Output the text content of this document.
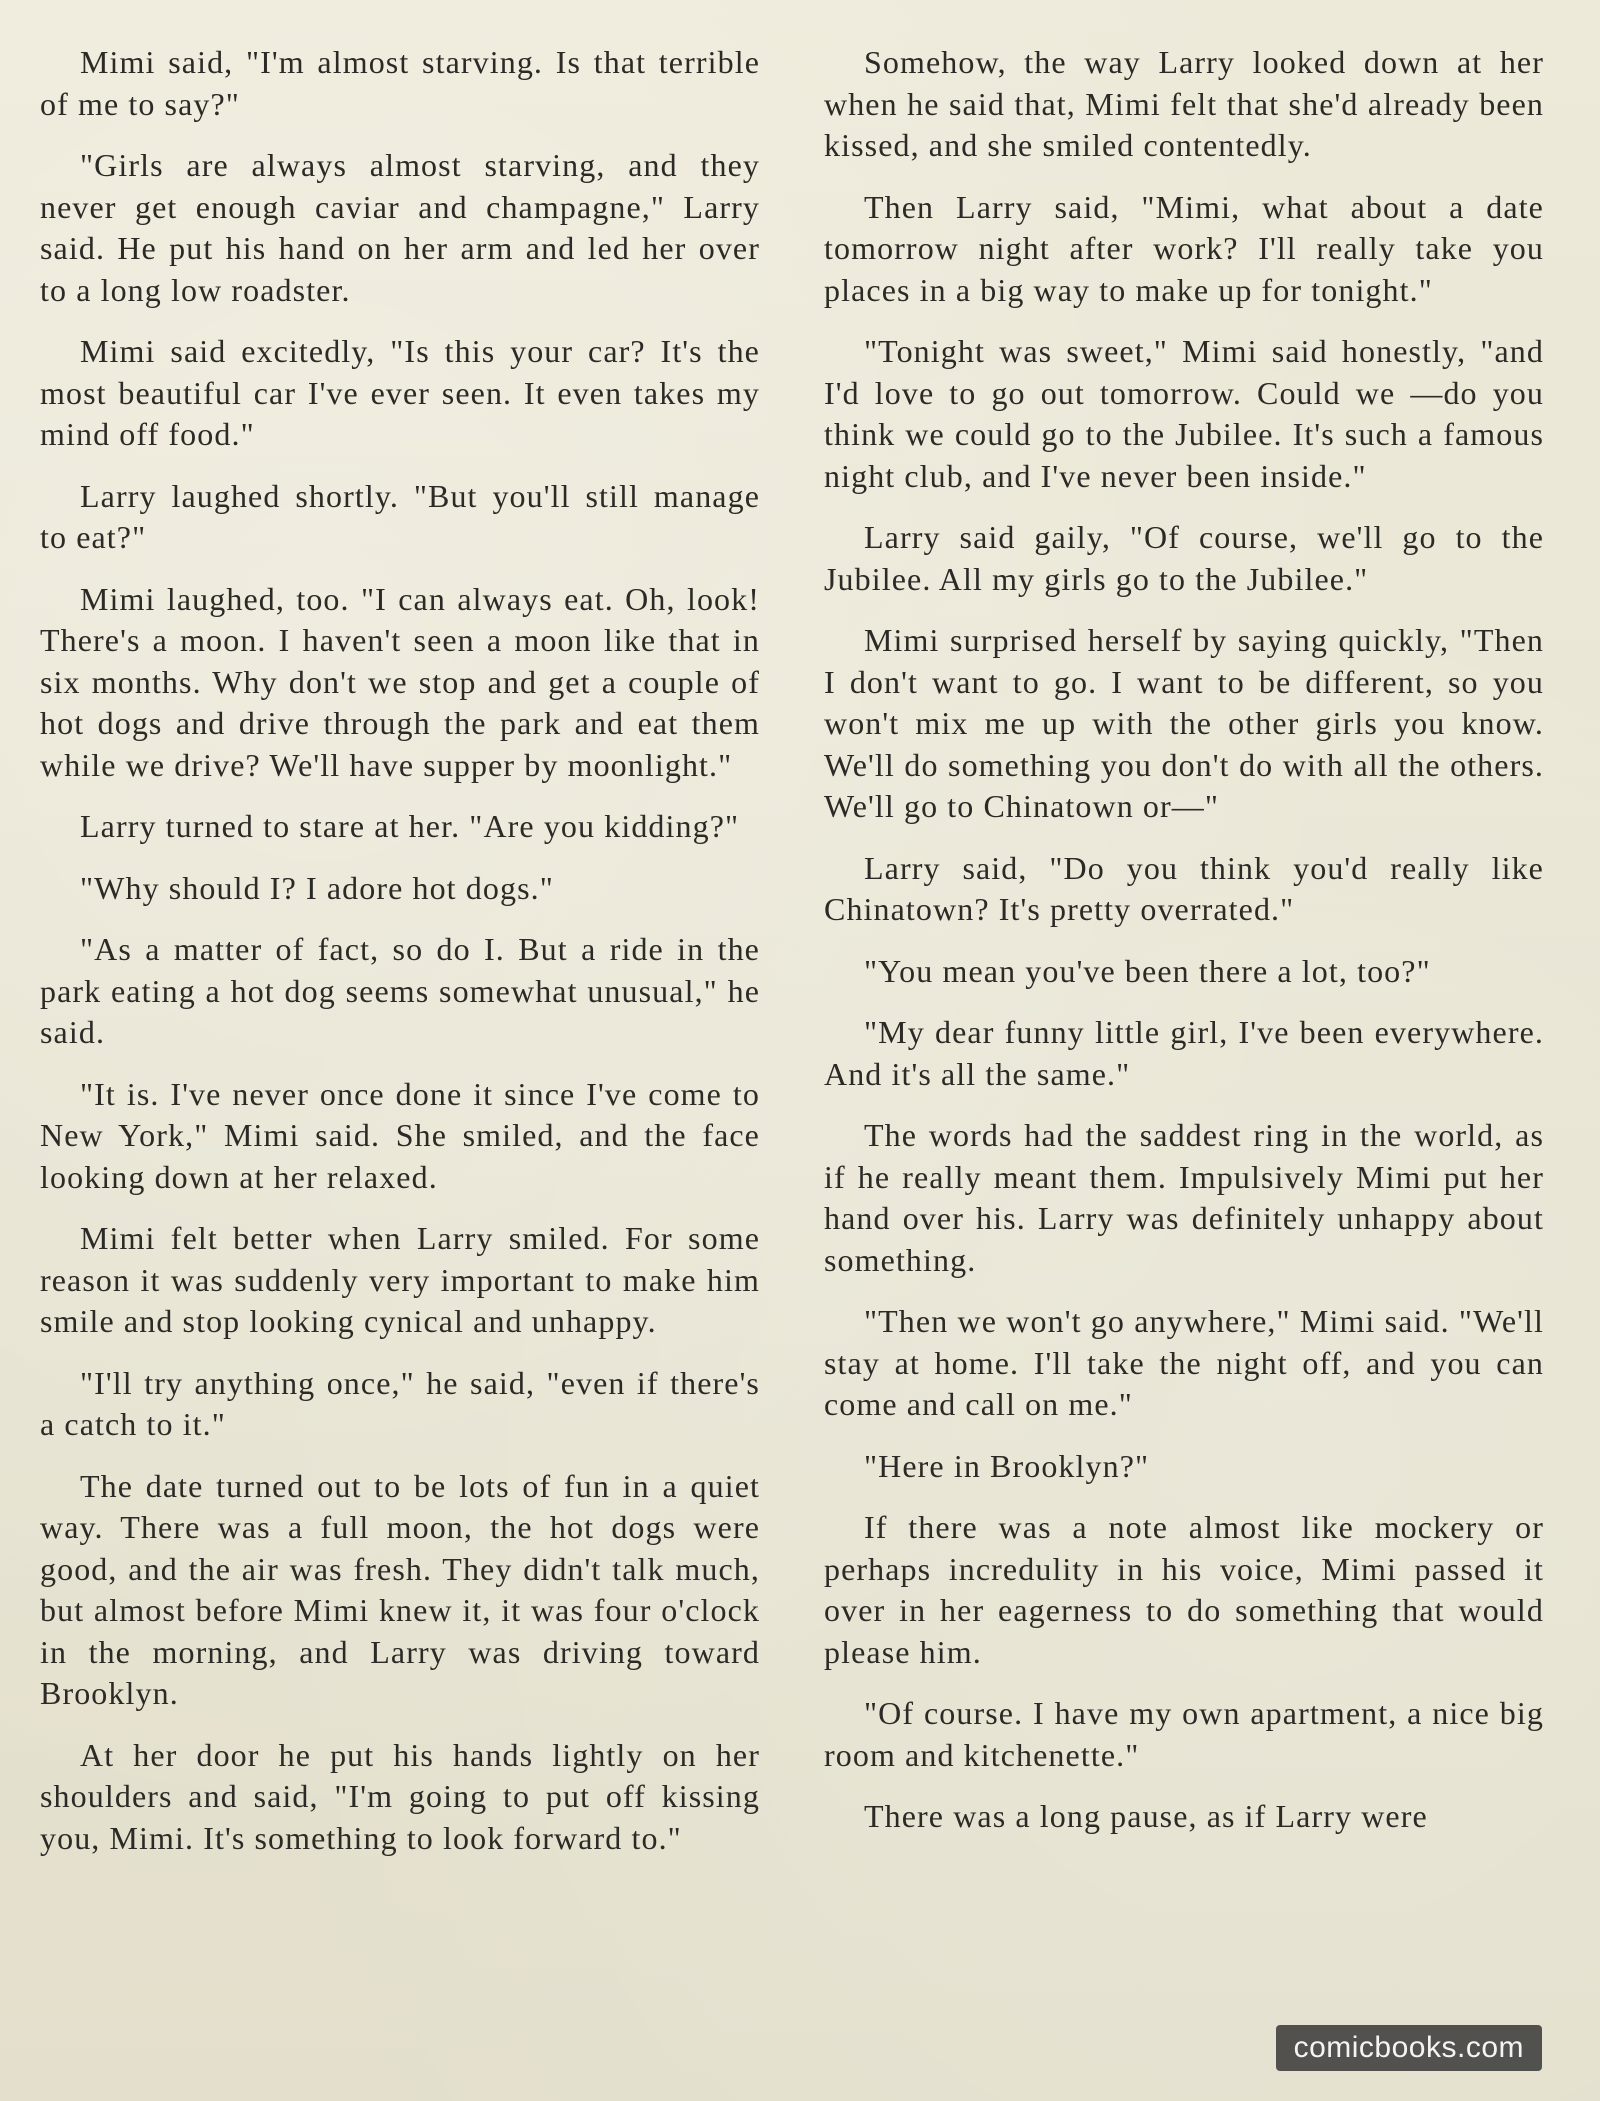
Mimi said, "I'm almost starving. Is that terrible of me to say?"

"Girls are always almost starving, and they never get enough caviar and champagne," Larry said. He put his hand on her arm and led her over to a long low roadster.

Mimi said excitedly, "Is this your car? It's the most beautiful car I've ever seen. It even takes my mind off food."

Larry laughed shortly. "But you'll still manage to eat?"

Mimi laughed, too. "I can always eat. Oh, look! There's a moon. I haven't seen a moon like that in six months. Why don't we stop and get a couple of hot dogs and drive through the park and eat them while we drive? We'll have supper by moonlight."

Larry turned to stare at her. "Are you kidding?"

"Why should I? I adore hot dogs."

"As a matter of fact, so do I. But a ride in the park eating a hot dog seems somewhat unusual," he said.

"It is. I've never once done it since I've come to New York," Mimi said. She smiled, and the face looking down at her relaxed.

Mimi felt better when Larry smiled. For some reason it was suddenly very important to make him smile and stop looking cynical and unhappy.

"I'll try anything once," he said, "even if there's a catch to it."

The date turned out to be lots of fun in a quiet way. There was a full moon, the hot dogs were good, and the air was fresh. They didn't talk much, but almost before Mimi knew it, it was four o'clock in the morning, and Larry was driving toward Brooklyn.

At her door he put his hands lightly on her shoulders and said, "I'm going to put off kissing you, Mimi. It's something to look forward to."

Somehow, the way Larry looked down at her when he said that, Mimi felt that she'd already been kissed, and she smiled contentedly.

Then Larry said, "Mimi, what about a date tomorrow night after work? I'll really take you places in a big way to make up for tonight."

"Tonight was sweet," Mimi said honestly, "and I'd love to go out tomorrow. Could we —do you think we could go to the Jubilee. It's such a famous night club, and I've never been inside."

Larry said gaily, "Of course, we'll go to the Jubilee. All my girls go to the Jubilee."

Mimi surprised herself by saying quickly, "Then I don't want to go. I want to be different, so you won't mix me up with the other girls you know. We'll do something you don't do with all the others. We'll go to Chinatown or—"

Larry said, "Do you think you'd really like Chinatown? It's pretty overrated."

"You mean you've been there a lot, too?"

"My dear funny little girl, I've been everywhere. And it's all the same."

The words had the saddest ring in the world, as if he really meant them. Impulsively Mimi put her hand over his. Larry was definitely unhappy about something.

"Then we won't go anywhere," Mimi said. "We'll stay at home. I'll take the night off, and you can come and call on me."

"Here in Brooklyn?"

If there was a note almost like mockery or perhaps incredulity in his voice, Mimi passed it over in her eagerness to do something that would please him.

"Of course. I have my own apartment, a nice big room and kitchenette."

There was a long pause, as if Larry were

comicbooks.com
